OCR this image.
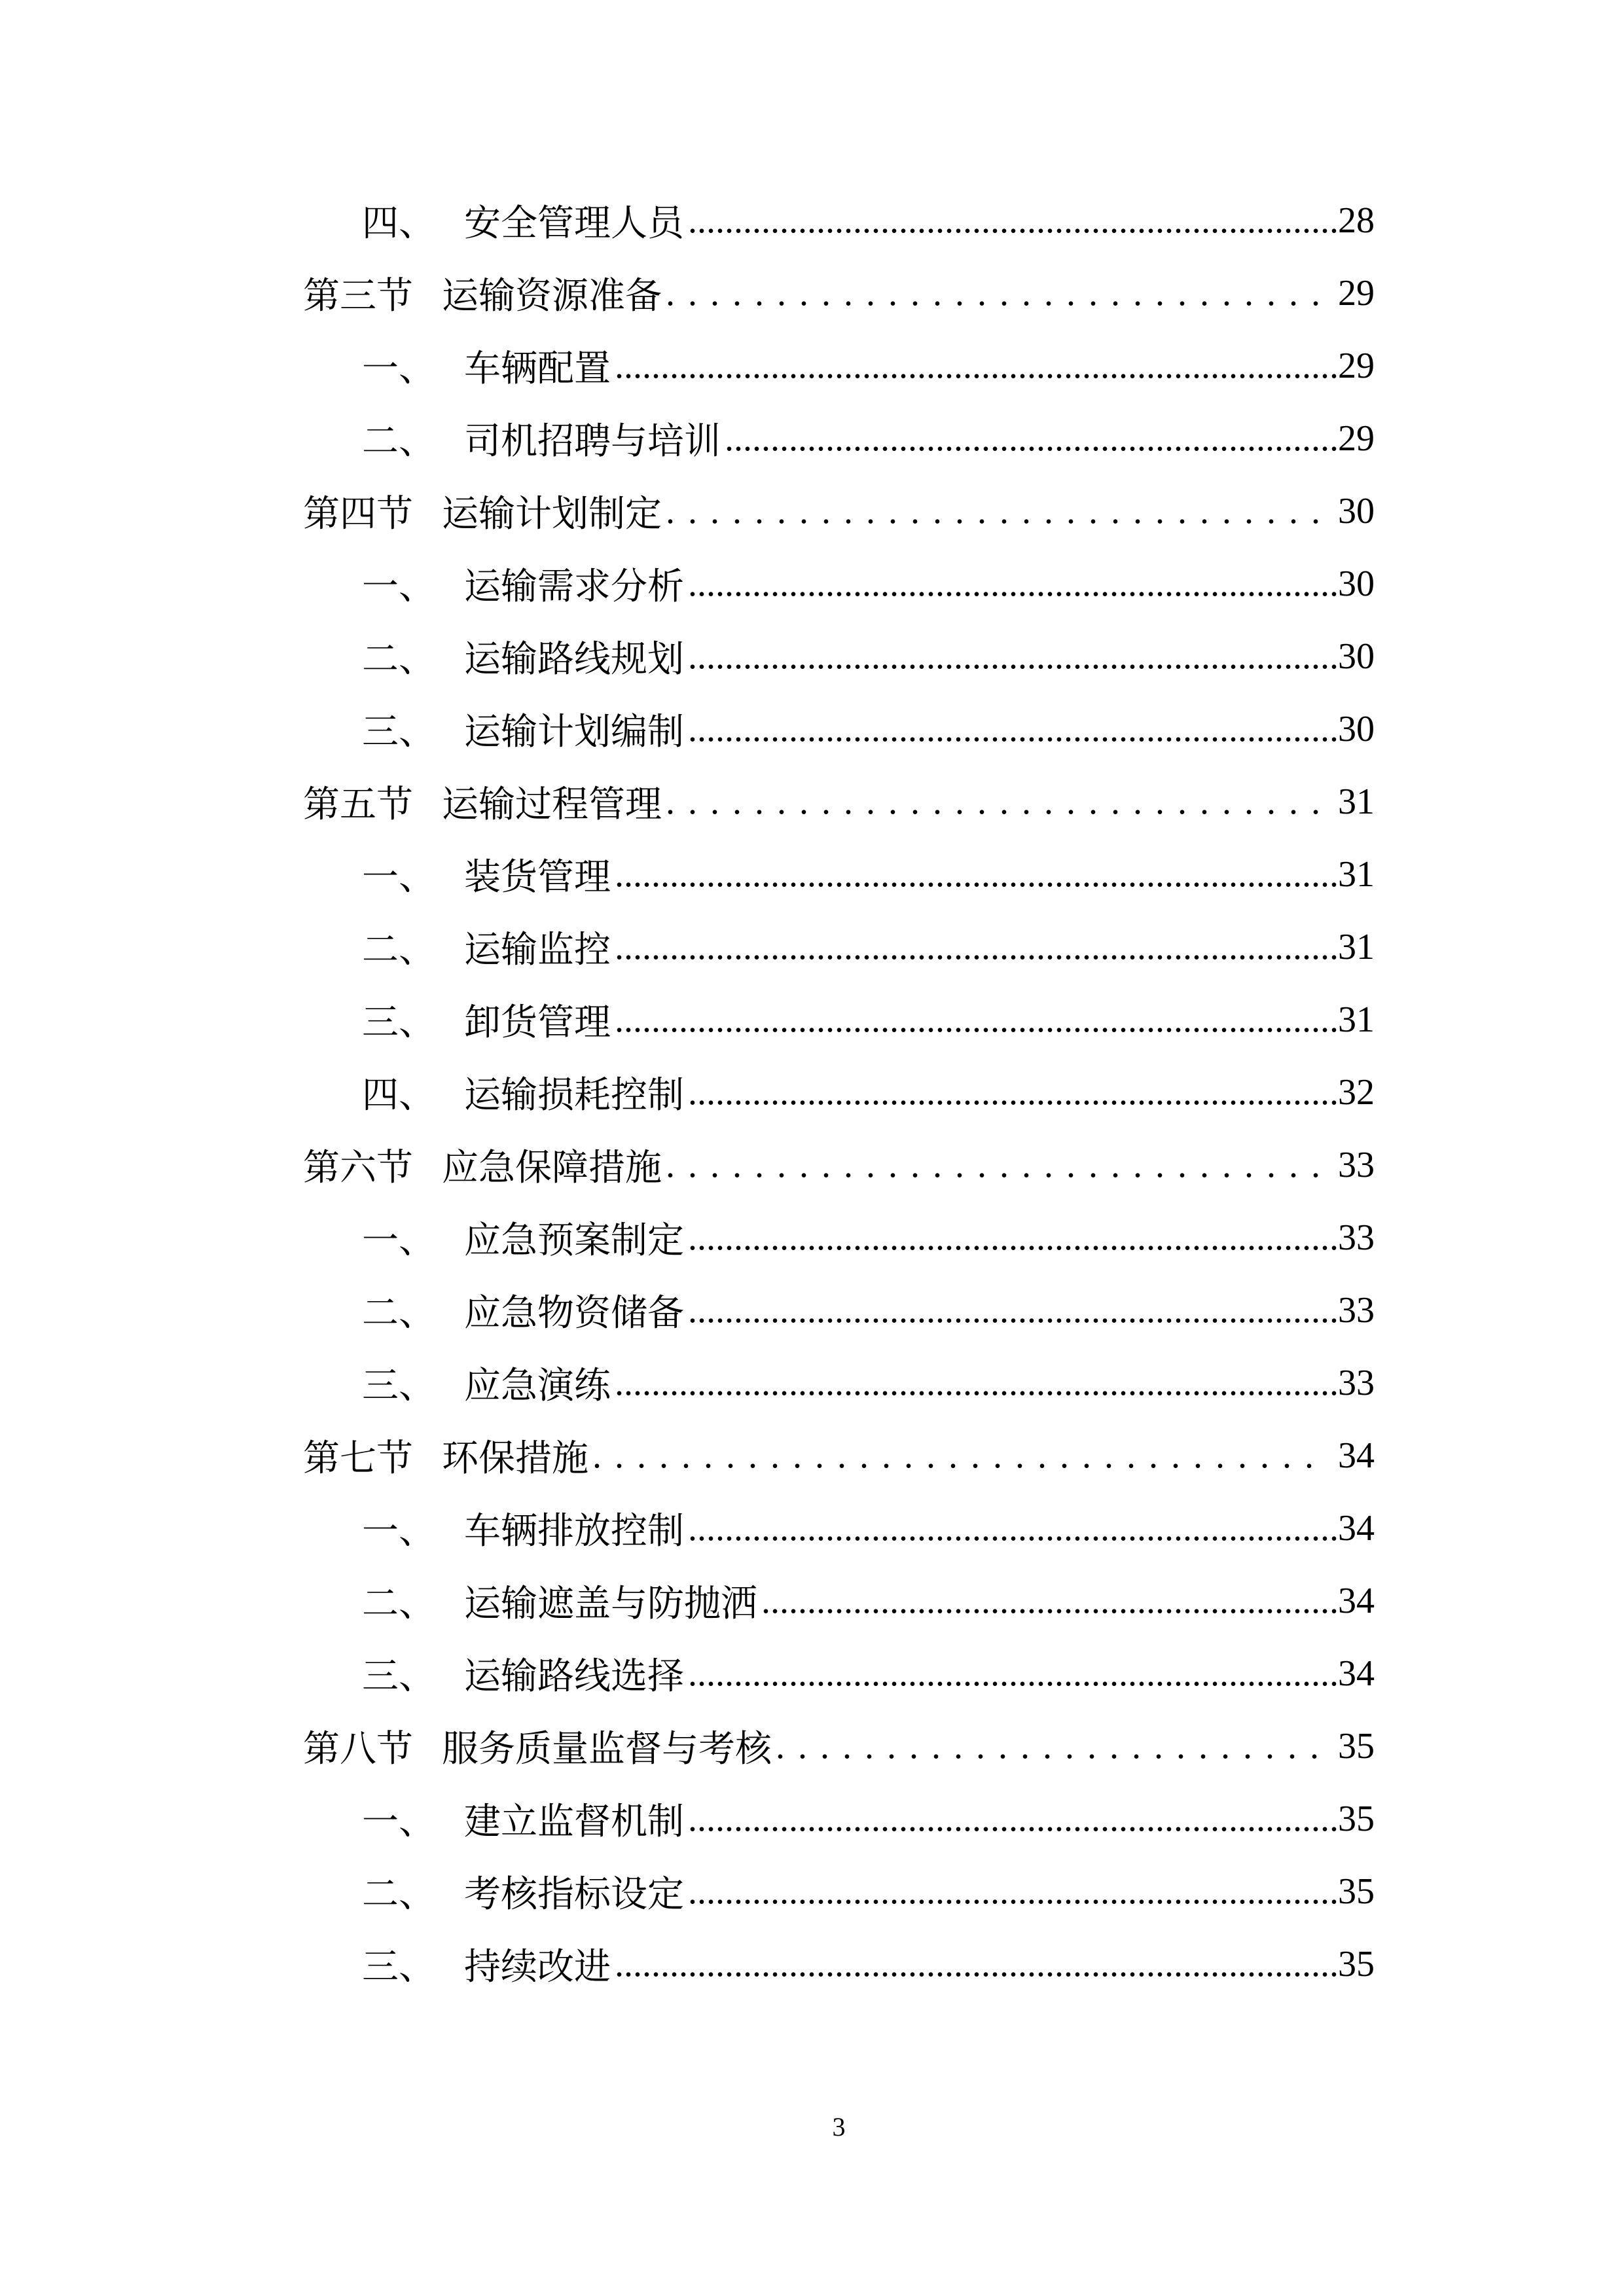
四、 安全管理人员 .....	28
第三节 运输资源准备 .....	29
一、 车辆配置 .....	29
二、 司机招聘与培训 .....	29
第四节 运输计划制定 .....	30
一、 运输需求分析 .....	30
二、 运输路线规划 .....	30
三、 运输计划编制 .....	30
第五节 运输过程管理 .....	31
一、 装货管理 .....	31
二、 运输监控 .....	31
三、 卸货管理 .....	31
四、 运输损耗控制 .....	32
第六节 应急保障措施 .....	33
一、 应急预案制定 .....	33
二、 应急物资储备 .....	33
三、 应急演练 .....	33
第七节 环保措施 .....	34
一、 车辆排放控制 .....	34
二、 运输遮盖与防抛洒 .....	34
三、 运输路线选择 .....	34
第八节 服务质量监督与考核 .....	35
一、 建立监督机制 .....	35
二、 考核指标设定 .....	35
三、 持续改进 .....	35
3
